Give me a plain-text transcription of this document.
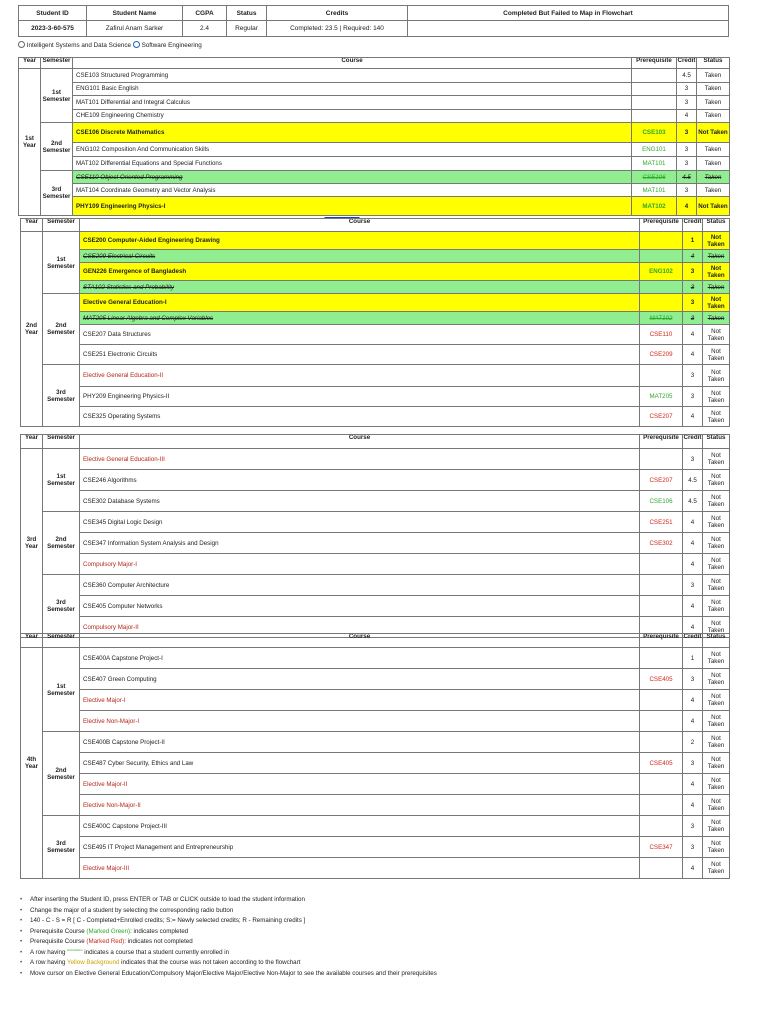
Student ID	Student Name	CGPA	Status	Credits	Completed But Failed to Map in Flowchart
2023-3-60-575	Zafirul Anam Sarker	2.4	Regular	Completed: 23.5 | Required: 140	
Intelligent Systems and Data Science Software Engineering
Year	Semester	Course	Prerequisite	Credit	Status
1st Year	1st Semester	CSE103 Structured Programming		4.5	Taken
		ENG101 Basic English		3	Taken
		MAT101 Differential and Integral Calculus		3	Taken
		CHE109 Engineering Chemistry		4	Taken
	2nd Semester	CSE106 Discrete Mathematics	CSE103	3	Not Taken
		ENG102 Composition And Communication Skills	ENG101	3	Taken
		MAT102 Differential Equations and Special Functions	MAT101	3	Taken
	3rd Semester	CSE110 Object Oriented Programming	CSE106	4.5	Taken
		MAT104 Coordinate Geometry and Vector Analysis	MAT101	3	Taken
		PHY109 Engineering Physics-I	MAT102	4	Not Taken
Year	Semester	Course	Prerequisite	Credit	Status
2nd Year	1st Semester	CSE200 Computer-Aided Engineering Drawing		1	Not Taken
		CSE209 Electrical Circuits		4	Taken
		GEN226 Emergence of Bangladesh	ENG102	3	Not Taken
		STA102 Statistics and Probability		3	Taken
	2nd Semester	Elective General Education-I		3	Not Taken
		MAT205 Linear Algebra and Complex Variables	MAT102	3	Taken
		CSE207 Data Structures	CSE110	4	Not Taken
		CSE251 Electronic Circuits	CSE209	4	Not Taken
	3rd Semester	Elective General Education-II		3	Not Taken
		PHY209 Engineering Physics-II	MAT205	3	Not Taken
		CSE325 Operating Systems	CSE207	4	Not Taken
Year	Semester	Course	Prerequisite	Credit	Status
3rd Year	1st Semester	Elective General Education-III		3	Not Taken
		CSE246 Algorithms	CSE207	4.5	Not Taken
		CSE302 Database Systems	CSE106	4.5	Not Taken
	2nd Semester	CSE345 Digital Logic Design	CSE251	4	Not Taken
		CSE347 Information System Analysis and Design	CSE302	4	Not Taken
		Compulsory Major-I		4	Not Taken
	3rd Semester	CSE360 Computer Architecture		3	Not Taken
		CSE405 Computer Networks		4	Not Taken
		Compulsory Major-II		4	Not Taken
Year	Semester	Course	Prerequisite	Credit	Status
4th Year	1st Semester	CSE400A Capstone Project-I		1	Not Taken
		CSE407 Green Computing	CSE405	3	Not Taken
		Elective Major-I		4	Not Taken
		Elective Non-Major-I		4	Not Taken
	2nd Semester	CSE400B Capstone Project-II		2	Not Taken
		CSE487 Cyber Security, Ethics and Law	CSE405	3	Not Taken
		Elective Major-II		4	Not Taken
		Elective Non-Major-II		4	Not Taken
	3rd Semester	CSE400C Capstone Project-III		3	Not Taken
		CSE495 IT Project Management and Entrepreneurship	CSE347	3	Not Taken
		Elective Major-III		4	Not Taken
• After inserting the Student ID, press ENTER or TAB or CLICK outside to load the student information
• Change the major of a student by selecting the corresponding radio button
• 140 - C - S = R [ C - Completed+Enrolled credits; S:= Newly selected credits; R - Remaining credits ]
• Prerequisite Course (Marked Green): indicates completed
• Prerequisite Course (Marked Red): indicates not completed
• A row having """"""" indicates a course that a student currently enrolled in
• A row having Yellow Background indicates that the course was not taken according to the flowchart
• Move cursor on Elective General Education/Compulsory Major/Elective Major/Elective Non-Major to see the available courses and their prerequisites
